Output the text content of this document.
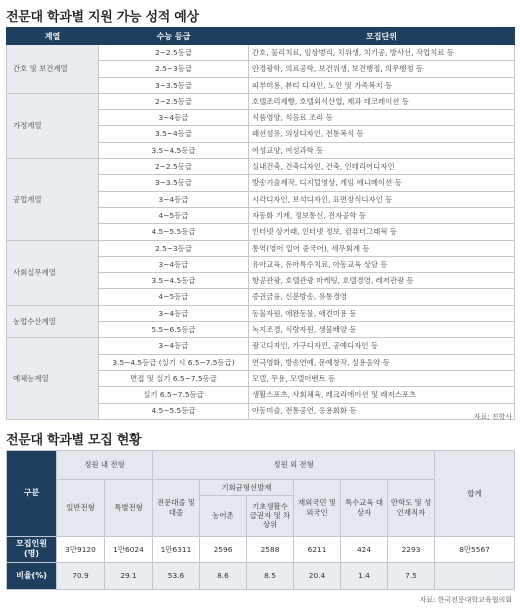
전문대 학과별 지원 가능 성적 예상
계열	수능 등급	모집단위
간호 및 보건계열	2~2.5등급	간호, 물리치료, 임상병리, 치위생, 치기공, 방사선, 작업치료 등
	2.5~3등급	안경광학, 의료공학, 보건위생, 보건행정, 의무행정 등
	3~3.5등급	피부미용, 뷰티 디자인, 노인 및 가족복지 등
가정계열	2~2.5등급	호텔조리제빵, 호텔외식산업, 제과 데코레이션 등
	3~4등급	식품영양, 식음료 조리 등
	3.5~4등급	패션섬유, 의상디자인, 전통복식 등
	3.5~4.5등급	여성교양, 여성과학 등
공업계열	2~2.5등급	실내건축, 건축디자인, 건축, 인테리어디자인
	3~3.5등급	방송기술제작, 디지털영상, 게임 애니메이션 등
	3~4등급	시각디자인, 보석디자인, 표면장식디자인 등
	4~5등급	자동화 기계, 정보통신, 전자공학 등
	4.5~5.5등급	인터넷 상거래, 인터넷 정보, 컴퓨터그래픽 등
사회실무계열	2.5~3등급	통역(영어 일어 중국어), 세무회계 등
	3~4등급	유아교육, 유아특수치료, 아동교육 상담 등
	3.5~4.5등급	항공관광, 호텔관광 마케팅, 호텔경영, 레저관광 등
	4~5등급	증권금융, 신문방송, 유통경영
농업수산계열	3~4등급	동물자원, 애완동물, 애견미용 등
	5.5~6.5등급	녹지조경, 식량자원, 생물배양 등
예체능계열	3~4등급	광고디자인, 가구디자인, 공예디자인 등
	3.5~4.5등급 (실기 시 6.5~7.5등급)	연극영화, 방송연예, 문예창작, 실용음악 등
	면접 및 실기 6.5~7.5등급	모델, 무용, 모델이벤트 등
	실기 6.5~7.5등급	생활스포츠, 사회체육, 레크리에이션 및 레저스포츠
	4.5~5.5등급	아동미술, 전통공연, 응용회화 등
자료: 진학사
전문대 학과별 모집 현황
구분	정원 내 전형		정원 외 전형						합계
	일반전형	특별전형	전문대졸 및 대졸	기회균형선발제		재외국민 및 외국인	특수교육 대상자	만학도 및 성인재직자	
				농어촌	기초생활수급권자 및 차상위				
모집인원(명)	3만9120	1만6024	1만6311	2596	2588	6211	424	2293	8만5567
비율(%)	70.9	29.1	53.6	8.6	8.5	20.4	1.4	7.5	
자료: 한국전문대학교육협의회
